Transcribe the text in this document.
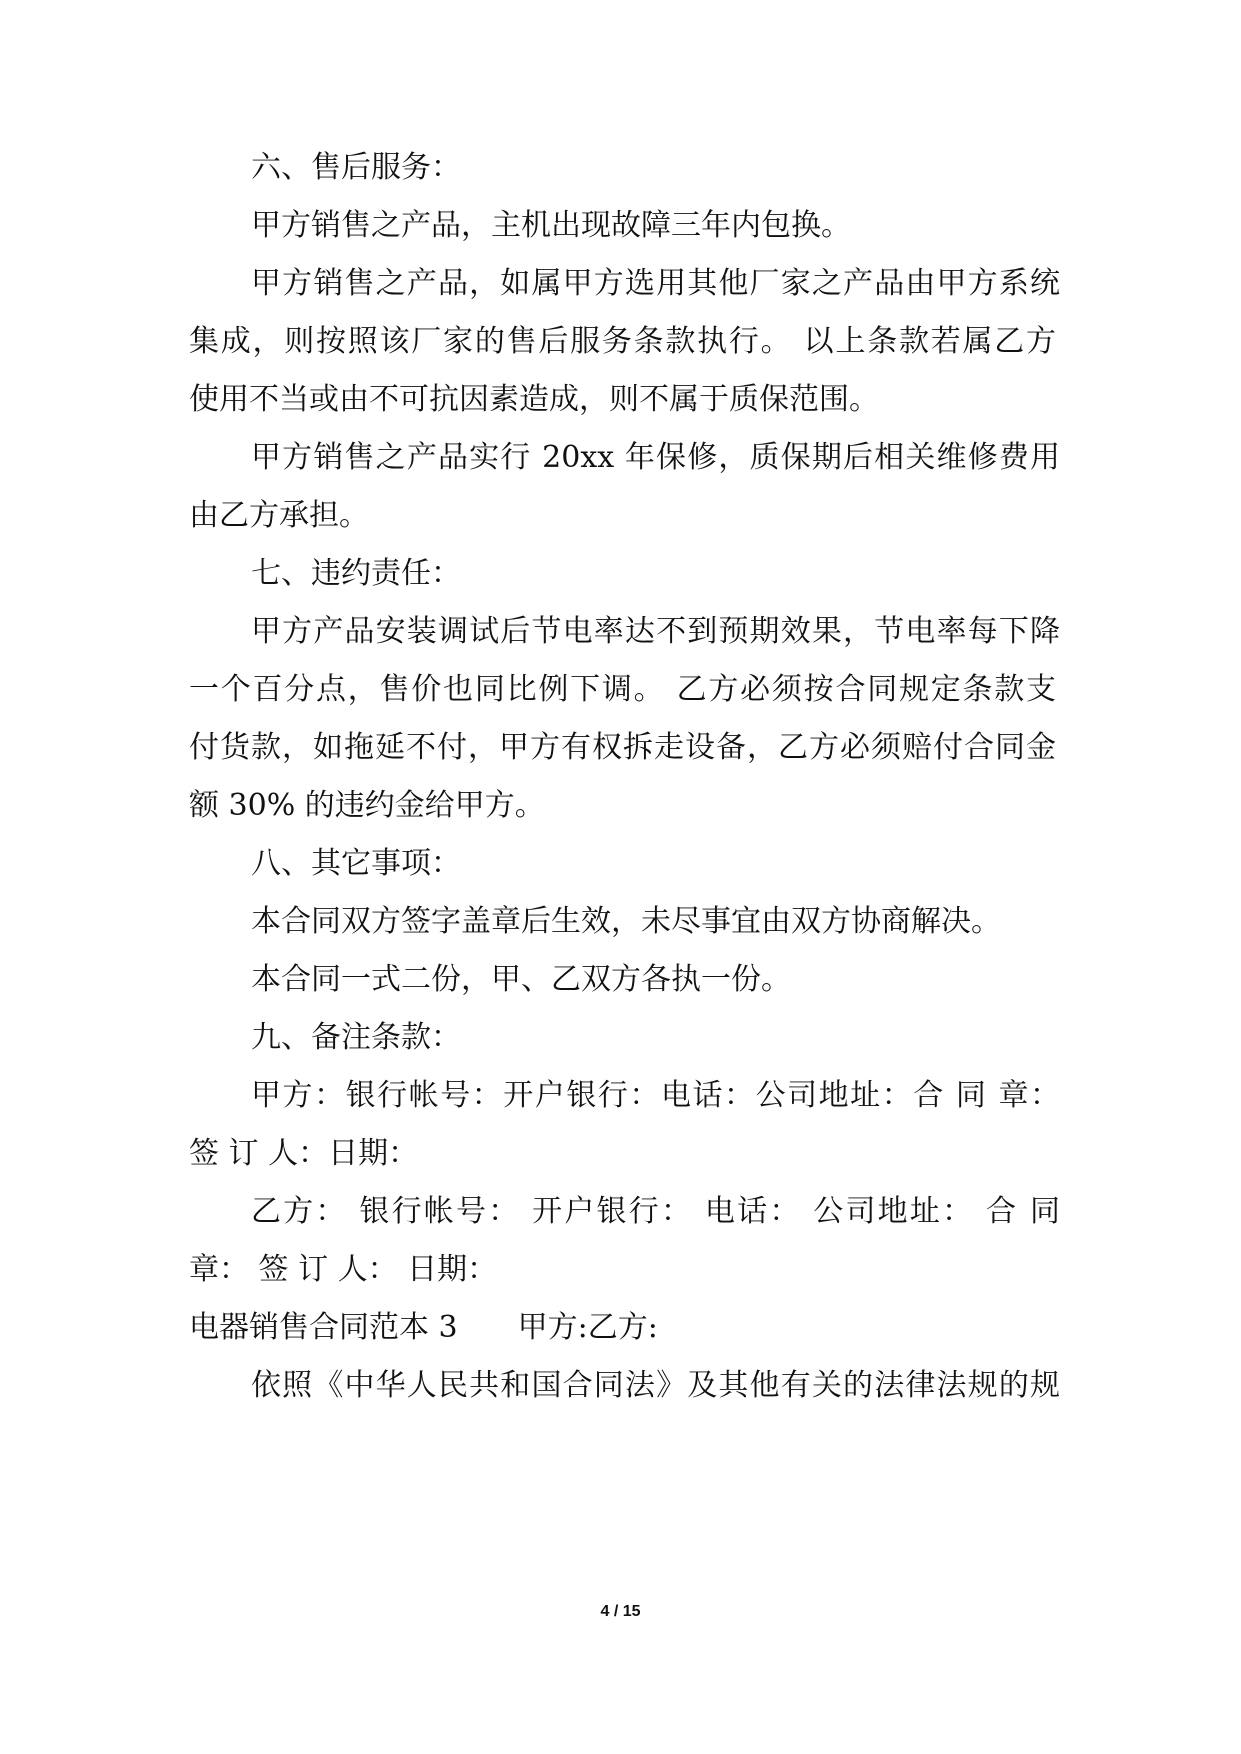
六、售后服务：
甲方销售之产品，主机出现故障三年内包换。
甲方销售之产品，如属甲方选用其他厂家之产品由甲方系统
集成，则按照该厂家的售后服务条款执行。 以上条款若属乙方
使用不当或由不可抗因素造成，则不属于质保范围。
甲方销售之产品实行 20xx 年保修，质保期后相关维修费用
由乙方承担。
七、违约责任：
甲方产品安装调试后节电率达不到预期效果，节电率每下降
一个百分点，售价也同比例下调。 乙方必须按合同规定条款支
付货款，如拖延不付，甲方有权拆走设备，乙方必须赔付合同金
额 30% 的违约金给甲方。
八、其它事项：
本合同双方签字盖章后生效，未尽事宜由双方协商解决。
本合同一式二份，甲、乙双方各执一份。
九、备注条款：
甲方：银行帐号：开户银行：电话：公司地址：合 同 章：
签 订 人：日期：
乙方： 银行帐号： 开户银行： 电话： 公司地址： 合 同
章： 签 订 人： 日期：
电器销售合同范本 3　　甲方:乙方:
依照《中华人民共和国合同法》及其他有关的法律法规的规
4 / 15
